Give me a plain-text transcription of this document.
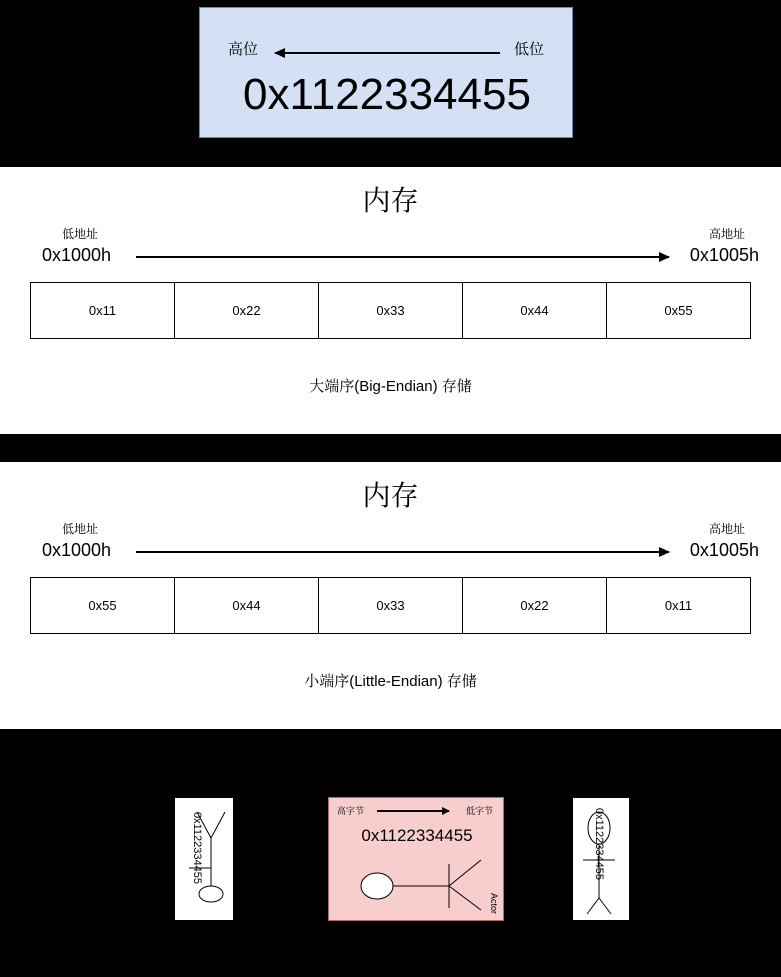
高位	低位
0x1122334455
内存
低地址	高地址
0x1000h	0x1005h
0x11	0x22	0x33	0x44	0x55
大端序(Big-Endian) 存储
内存
低地址	高地址
0x1000h	0x1005h
0x55	0x44	0x33	0x22	0x11
小端序(Little-Endian) 存储
0x1122334455
高字节	低字节
0x1122334455
Actor
0x1122334455
